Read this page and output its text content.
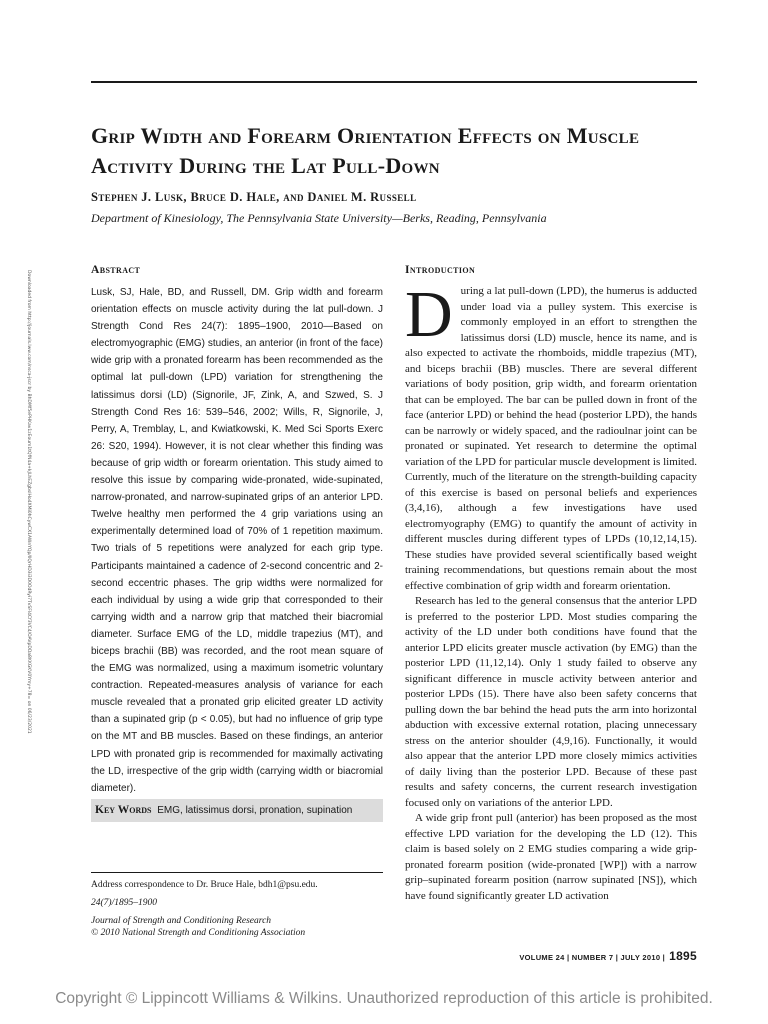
Grip Width and Forearm Orientation Effects on Muscle Activity During the Lat Pull-Down
Stephen J. Lusk, Bruce D. Hale, and Daniel M. Russell
Department of Kinesiology, The Pennsylvania State University—Berks, Reading, Pennsylvania
Downloaded from http://journals.lww.com/nsca-jscr by BhDMf5ePHKav1zEoum1tQfN4a+kJLhEZgbsIHo4XMi0hCywCX1AWnYQp/IlQrHD3i3D0OdRyi7TvSFl4Cf3VC4/OAVpDDa8KKGKV0Ymy+78= on 06/23/2021	Abstract

Lusk, SJ, Hale, BD, and Russell, DM. Grip width and forearm orientation effects on muscle activity during the lat pull-down. J Strength Cond Res 24(7): 1895–1900, 2010—Based on electromyographic (EMG) studies, an anterior (in front of the face) wide grip with a pronated forearm has been recommended as the optimal lat pull-down (LPD) variation for strengthening the latissimus dorsi (LD) (Signorile, JF, Zink, A, and Szwed, S. J Strength Cond Res 16: 539–546, 2002; Wills, R, Signorile, J, Perry, A, Tremblay, L, and Kwiatkowski, K. Med Sci Sports Exerc 26: S20, 1994). However, it is not clear whether this finding was because of grip width or forearm orientation. This study aimed to resolve this issue by comparing wide-pronated, wide-supinated, narrow-pronated, and narrow-supinated grips of an anterior LPD. Twelve healthy men performed the 4 grip variations using an experimentally determined load of 70% of 1 repetition maximum. Two trials of 5 repetitions were analyzed for each grip type. Participants maintained a cadence of 2-second concentric and 2-second eccentric phases. The grip widths were normalized for each individual by using a wide grip that corresponded to their carrying width and a narrow grip that matched their biacromial diameter. Surface EMG of the LD, middle trapezius (MT), and biceps brachii (BB) was recorded, and the root mean square of the EMG was normalized, using a maximum isometric voluntary contraction. Repeated-measures analysis of variance for each muscle revealed that a pronated grip elicited greater LD activity than a supinated grip (p < 0.05), but had no influence of grip type on the MT and BB muscles. Based on these findings, an anterior LPD with pronated grip is recommended for maximally activating the LD, irrespective of the grip width (carrying width or biacromial diameter).

Key Words EMG, latissimus dorsi, pronation, supination
Address correspondence to Dr. Bruce Hale, bdh1@psu.edu.
24(7)/1895–1900
Journal of Strength and Conditioning Research
© 2010 National Strength and Conditioning Association
Introduction

During a lat pull-down (LPD), the humerus is adducted under load via a pulley system. This exercise is commonly employed in an effort to strengthen the latissimus dorsi (LD) muscle, hence its name, and is also expected to activate the rhomboids, middle trapezius (MT), and biceps brachii (BB) muscles. There are several different variations of body position, grip width, and forearm orientation that can be employed. The bar can be pulled down in front of the face (anterior LPD) or behind the head (posterior LPD), the hands can be narrowly or widely spaced, and the radioulnar joint can be pronated or supinated. Yet research to determine the optimal variation of the LPD for particular muscle development is limited. Currently, much of the literature on the strength-building capacity of this exercise is based on personal beliefs and experiences (3,4,16), although a few investigations have used electromyography (EMG) to quantify the amount of activity in different muscles during different types of LPDs (10,12,14,15). These studies have provided several scientifically based weight training recommendations, but questions remain about the most effective combination of grip width and forearm orientation.

Research has led to the general consensus that the anterior LPD is preferred to the posterior LPD. Most studies comparing the activity of the LD under both conditions have found that the anterior LPD elicits greater muscle activation (by EMG) than the posterior LPD (11,12,14). Only 1 study failed to observe any significant difference in muscle activity between anterior and posterior LPDs (15). There have also been safety concerns that pulling down the bar behind the head puts the arm into horizontal abduction with excessive external rotation, placing unnecessary stress on the anterior shoulder (4,9,16). Functionally, it would also appear that the anterior LPD more closely mimics activities of daily living than the posterior LPD. Because of these past results and safety concerns, the current research investigation focused only on variations of the anterior LPD.

A wide grip front pull (anterior) has been proposed as the most effective LPD variation for the developing the LD (12). This claim is based solely on 2 EMG studies comparing a wide grip-pronated forearm position (wide-pronated [WP]) with a narrow grip–supinated forearm position (narrow supinated [NS]), which have found significantly greater LD activation

VOLUME 24 | NUMBER 7 | JULY 2010 | 1895
Copyright © Lippincott Williams & Wilkins. Unauthorized reproduction of this article is prohibited.
